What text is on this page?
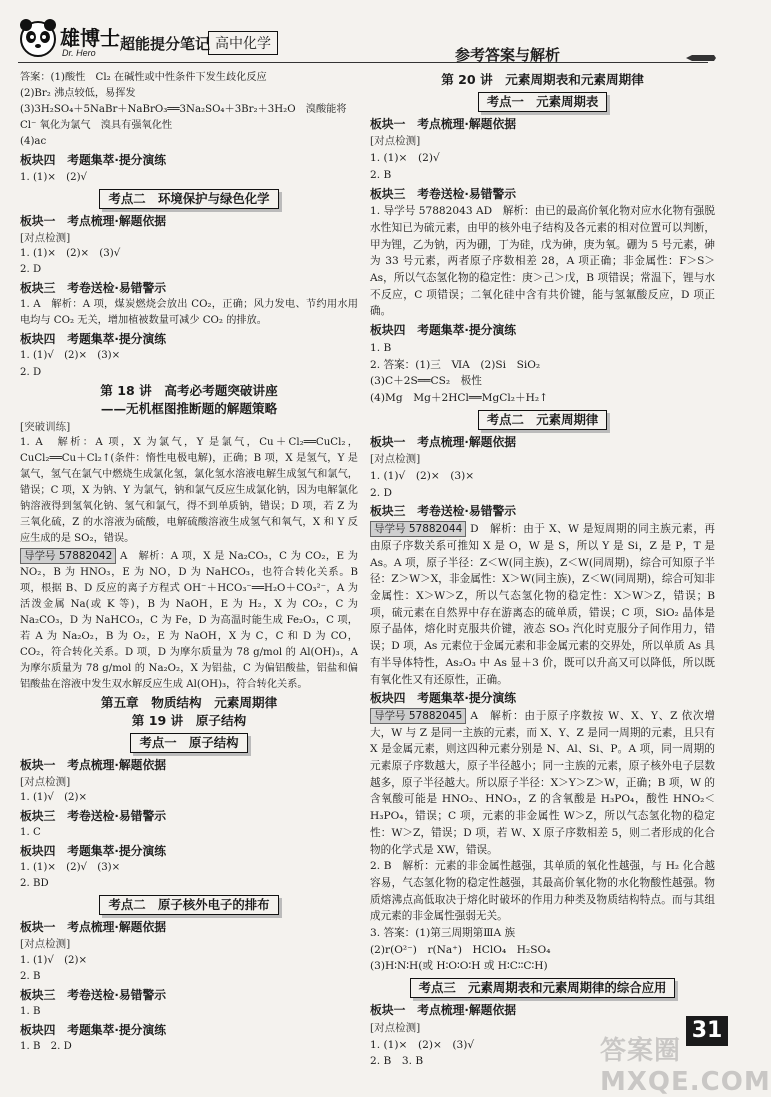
雄博士
Dr. Hero 超能提分笔记 高中化学
参考答案与解析

答案：(1)酸性　Cl₂ 在碱性或中性条件下发生歧化反应

(2)Br₂ 沸点较低，易挥发

(3)3H₂SO₄＋5NaBr＋NaBrO₃══3Na₂SO₄＋3Br₂＋3H₂O　溴酸能将

Cl⁻ 氧化为氯气　溴具有强氧化性

(4)ac

板块四　考题集萃·提分演练

1. (1)×　(2)√

考点二　环境保护与绿色化学
板块一　考点梳理·解题依据
[对点检测]

1. (1)×　(2)×　(3)√

2. D

板块三　考卷送检·易错警示

1. A　解析：A 项，煤炭燃烧会放出 CO₂，正确；风力发电、节约用水用电均与 CO₂ 无关，增加植被数量可减少 CO₂ 的排放。

板块四　考题集萃·提分演练

1. (1)√　(2)×　(3)×

2. D

第 18 讲　高考必考题突破讲座
——无机框图推断题的解题策略
[突破训练]

1. A　解析：A 项，X 为氯气，Y 是氯气，Cu＋Cl₂══CuCl₂，CuCl₂══Cu＋Cl₂↑(条件：惰性电极电解)，正确；B 项，X 是氢气，Y 是氯气，氢气在氯气中燃烧生成氯化氢，氯化氢水溶液电解生成氢气和氯气，错误；C 项，X 为钠、Y 为氯气，钠和氯气反应生成氯化钠，因为电解氯化钠溶液得到氢氧化钠、氢气和氯气，得不到单质钠，错误；D 项，若 Z 为三氧化硫，Z 的水溶液为硫酸，电解硫酸溶液生成氢气和氧气，X 和 Y 反应生成的是 SO₂，错误。

导学号 57882042 A　解析：A 项，X 是 Na₂CO₃，C 为 CO₂，E 为 NO₂，B 为 HNO₃，E 为 NO，D 为 NaHCO₃，也符合转化关系。B 项，根据 B、D 反应的离子方程式 OH⁻＋HCO₃⁻══H₂O＋CO₃²⁻，A 为活泼金属 Na(或 K 等)，B 为 NaOH，E 为 H₂，X 为 CO₂，C 为 Na₂CO₃，D 为 NaHCO₃，C 为 Fe，D 为高温时能生成 Fe₂O₃，C 项，若 A 为 Na₂O₂，B 为 O₂，E 为 NaOH，X 为 C，C 和 D 为 CO，CO₂，符合转化关系。D 项，D 为摩尔质量为 78 g/mol 的 Al(OH)₃，A 为摩尔质量为 78 g/mol 的 Na₂O₂，X 为铝盐，C 为偏铝酸盐，铝盐和偏铝酸盐在溶液中发生双水解反应生成 Al(OH)₃，符合转化关系。

第五章　物质结构　元素周期律
第 19 讲　原子结构
考点一　原子结构
板块一　考点梳理·解题依据
[对点检测]

1. (1)√　(2)×

板块三　考卷送检·易错警示

1. C

板块四　考题集萃·提分演练

1. (1)×　(2)√　(3)×

2. BD

考点二　原子核外电子的排布
板块一　考点梳理·解题依据
[对点检测]

1. (1)√　(2)×

2. B

板块三　考卷送检·易错警示

1. B

板块四　考题集萃·提分演练

1. B　2. D

第 20 讲　元素周期表和元素周期律
考点一　元素周期表
板块一　考点梳理·解题依据
[对点检测]

1. (1)×　(2)√

2. B

板块三　考卷送检·易错警示

1. 导学号 57882043 AD　解析：由已的最高价氧化物对应水化物有强脱水性知已为硫元素，由甲的核外电子结构及各元素的相对位置可以判断，甲为锂，乙为钠，丙为硼，丁为硅，戊为砷，庚为氧。硼为 5 号元素，砷为 33 号元素，两者原子序数相差 28，A 项正确；非金属性：F＞S＞As，所以气态氢化物的稳定性：庚＞己＞戊，B 项错误；常温下，锂与水不反应，C 项错误；二氧化硅中含有共价键，能与氢氟酸反应，D 项正确。

板块四　考题集萃·提分演练

1. B

2. 答案：(1)三　ⅥA　(2)Si　SiO₂

(3)C＋2S══CS₂　极性

(4)Mg　Mg＋2HCl══MgCl₂＋H₂↑

考点二　元素周期律
板块一　考点梳理·解题依据
[对点检测]

1. (1)√　(2)×　(3)×

2. D

板块三　考卷送检·易错警示

导学号 57882044 D　解析：由于 X、W 是短周期的同主族元素，再由原子序数关系可推知 X 是 O，W 是 S，所以 Y 是 Si，Z 是 P，T 是 As。A 项，原子半径：Z＜W(同主族)，Z＜W(同周期)，综合可知原子半径：Z＞W＞X，非金属性：X＞W(同主族)，Z＜W(同周期)，综合可知非金属性：X＞W＞Z，所以气态氢化物的稳定性：X＞W＞Z，错误；B 项，硫元素在自然界中存在游离态的硫单质，错误；C 项，SiO₂ 晶体是原子晶体，熔化时克服共价键，液态 SO₃ 汽化时克服分子间作用力，错误；D 项，As 元素位于金属元素和非金属元素的交界处，所以单质 As 具有半导体特性，As₂O₃ 中 As 显＋3 价，既可以升高又可以降低，所以既有氧化性又有还原性，正确。

板块四　考题集萃·提分演练

导学号 57882045 A　解析：由于原子序数按 W、X、Y、Z 依次增大，W 与 Z 是同一主族的元素，而 X、Y、Z 是同一周期的元素，且只有 X 是金属元素，则这四种元素分别是 N、Al、Si、P。A 项，同一周期的元素原子序数越大，原子半径越小；同一主族的元素，原子核外电子层数越多，原子半径越大。所以原子半径：X＞Y＞Z＞W，正确；B 项，W 的含氧酸可能是 HNO₂、HNO₃，Z 的含氧酸是 H₃PO₄，酸性 HNO₂＜H₃PO₄，错误；C 项，元素的非金属性 W＞Z，所以气态氢化物的稳定性：W＞Z，错误；D 项，若 W、X 原子序数相差 5，则二者形成的化合物的化学式是 XW，错误。

2. B　解析：元素的非金属性越强，其单质的氧化性越强，与 H₂ 化合越容易，气态氢化物的稳定性越强，其最高价氧化物的水化物酸性越强。物质熔沸点高低取决于熔化时破坏的作用力种类及物质结构特点。而与其组成元素的非金属性强弱无关。

3. 答案：(1)第三周期第ⅢA 族

(2)r(O²⁻)　r(Na⁺)　HClO₄　H₂SO₄

(3)H∶N∶H(或 H∶O∶O∶H 或 H∶C∶∶C∶H)

考点三　元素周期表和元素周期律的综合应用
板块一　考点梳理·解题依据
[对点检测]

1. (1)×　(2)×　(3)√

2. B　3. B

31
答案圈 MXQE.COM
